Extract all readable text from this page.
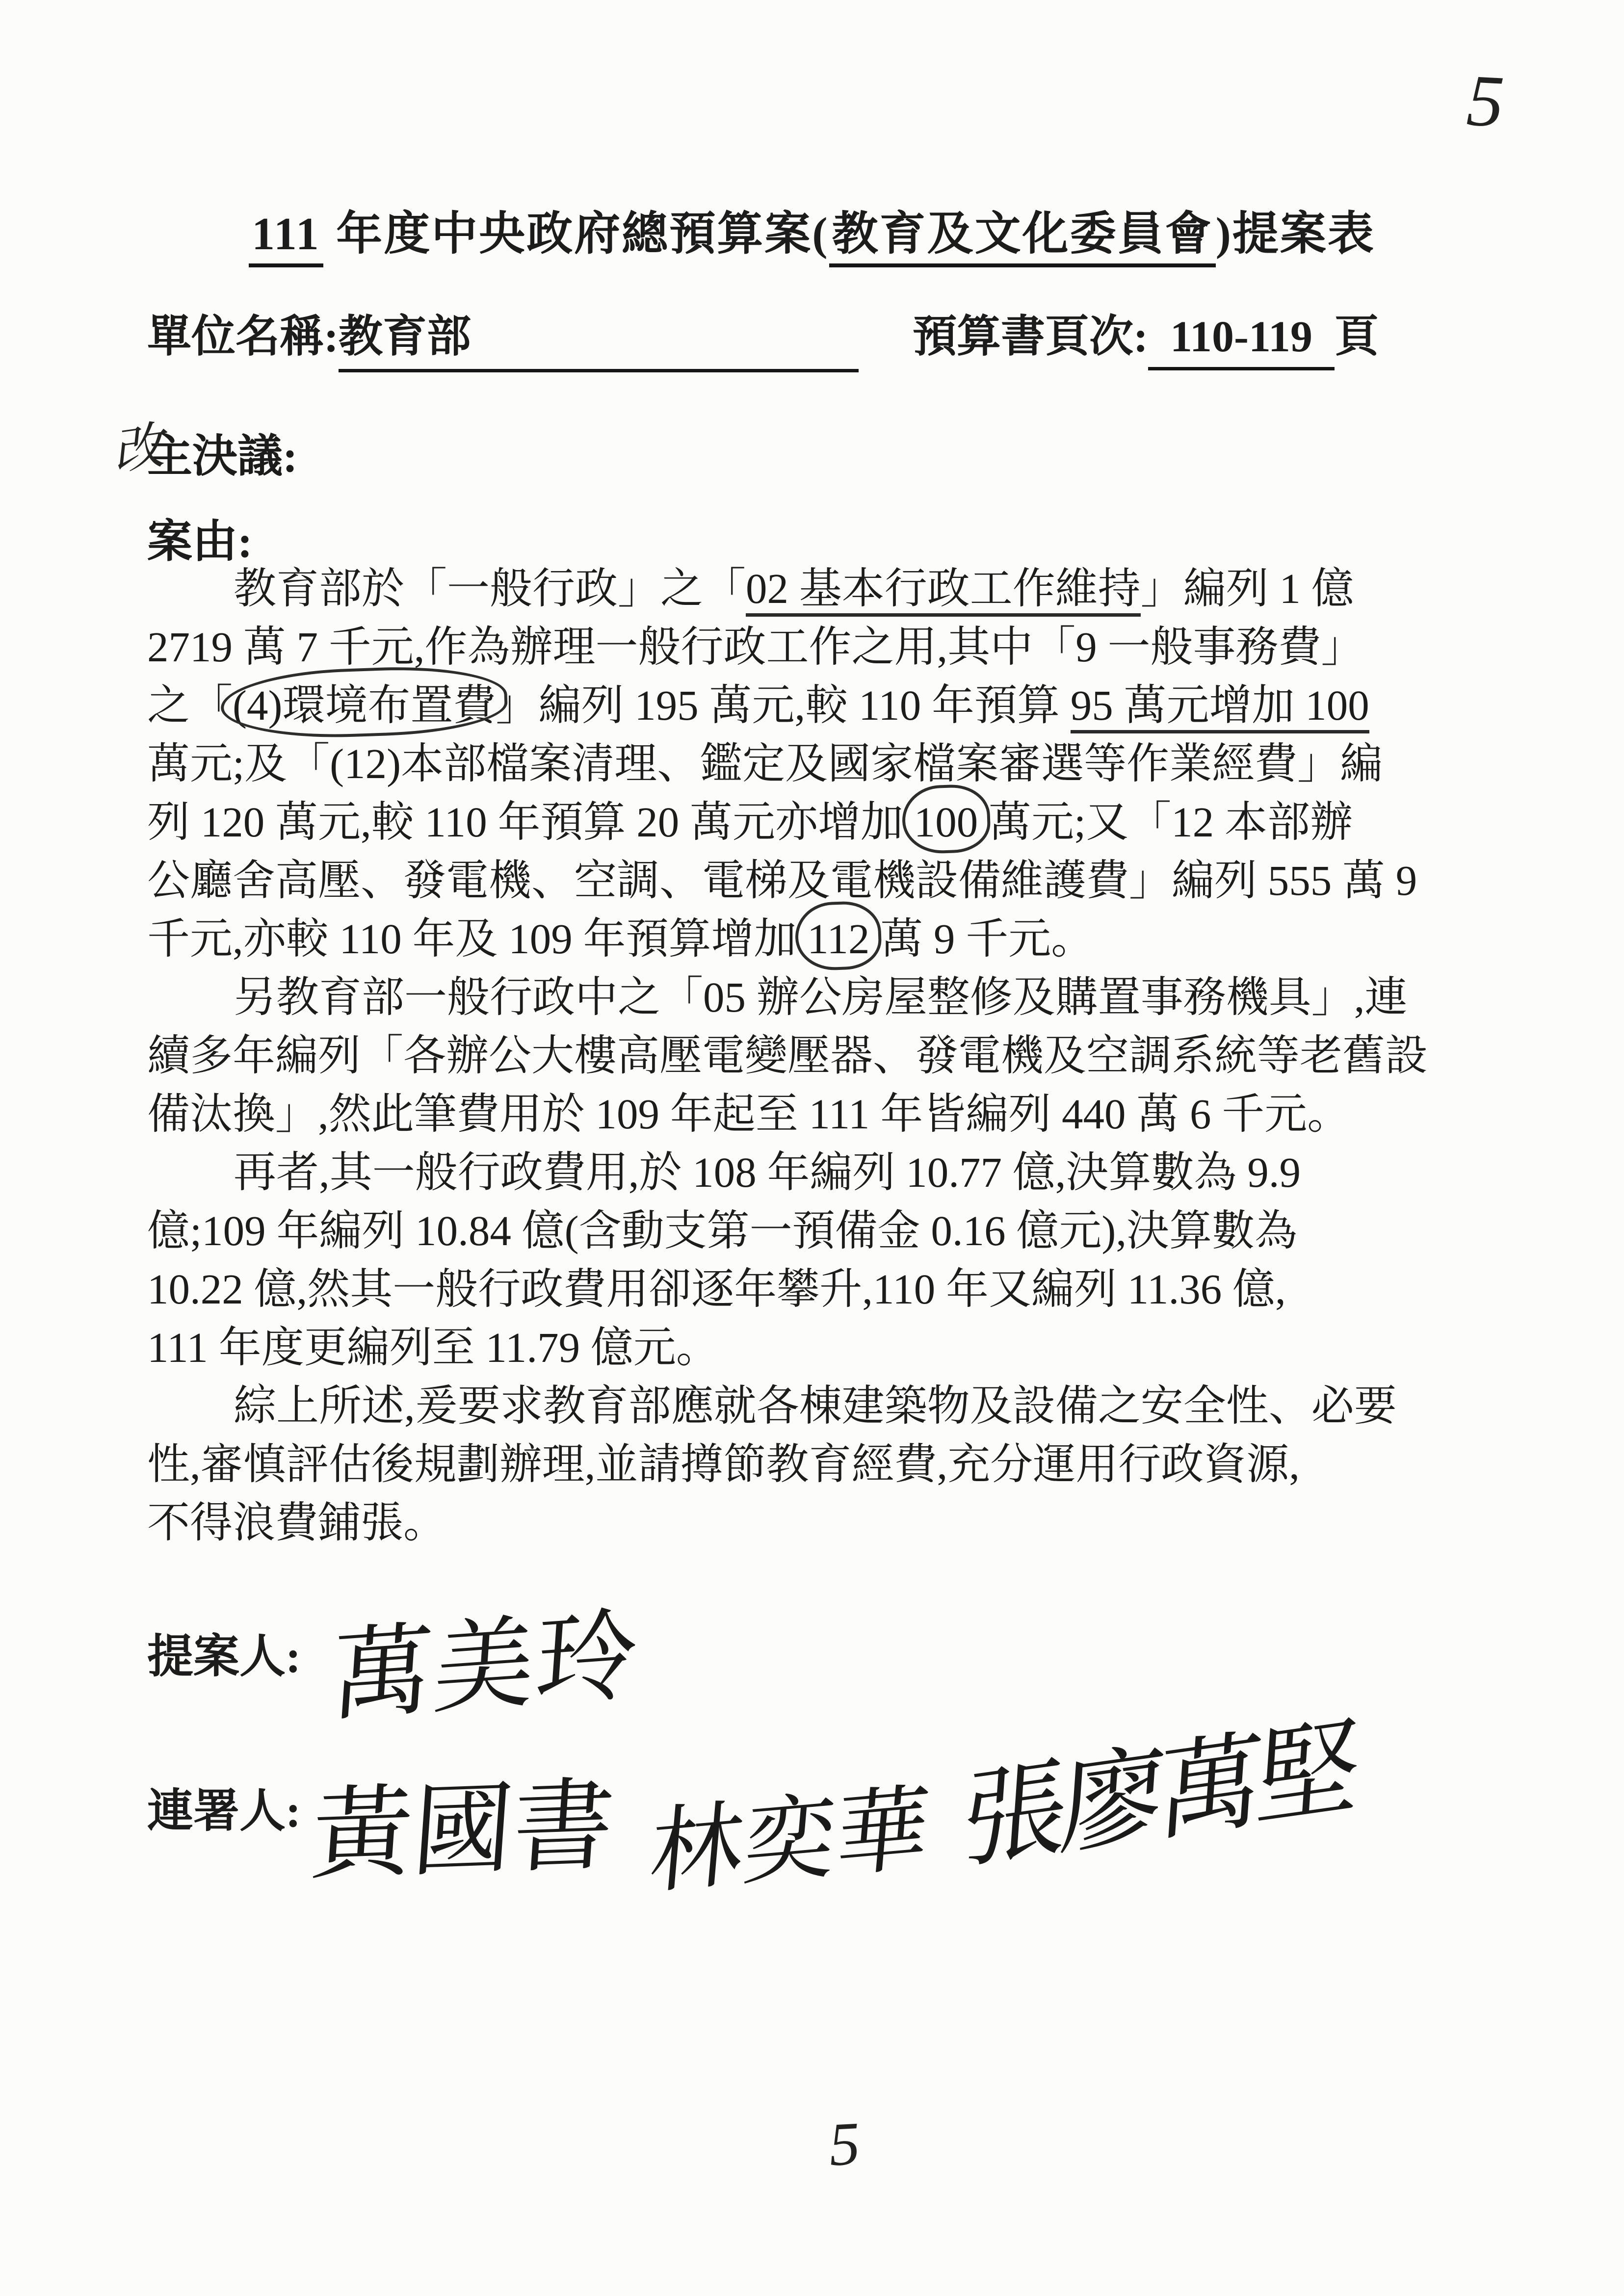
5
111 年度中央政府總預算案(教育及文化委員會)提案表
單位名稱:教育部	預算書頁次: 110-119 頁
改
主決議:
案由:
教育部於「一般行政」之「02 基本行政工作維持」編列 1 億
2719 萬 7 千元,作為辦理一般行政工作之用,其中「9 一般事務費」
之「(4)環境布置費」編列 195 萬元,較 110 年預算 95 萬元增加 100
萬元;及「(12)本部檔案清理、鑑定及國家檔案審選等作業經費」編
列 120 萬元,較 110 年預算 20 萬元亦增加 100 萬元;又「12 本部辦
公廳舍高壓、發電機、空調、電梯及電機設備維護費」編列 555 萬 9
千元,亦較 110 年及 109 年預算增加 112 萬 9 千元。
另教育部一般行政中之「05 辦公房屋整修及購置事務機具」,連
續多年編列「各辦公大樓高壓電變壓器、發電機及空調系統等老舊設
備汰換」,然此筆費用於 109 年起至 111 年皆編列 440 萬 6 千元。
再者,其一般行政費用,於 108 年編列 10.77 億,決算數為 9.9
億;109 年編列 10.84 億(含動支第一預備金 0.16 億元),決算數為
10.22 億,然其一般行政費用卻逐年攀升,110 年又編列 11.36 億,
111 年度更編列至 11.79 億元。
綜上所述,爰要求教育部應就各棟建築物及設備之安全性、必要
性,審慎評估後規劃辦理,並請撙節教育經費,充分運用行政資源,
不得浪費鋪張。
提案人: 萬美玲
連署人: 黃國書 林奕華 張廖萬堅
5
